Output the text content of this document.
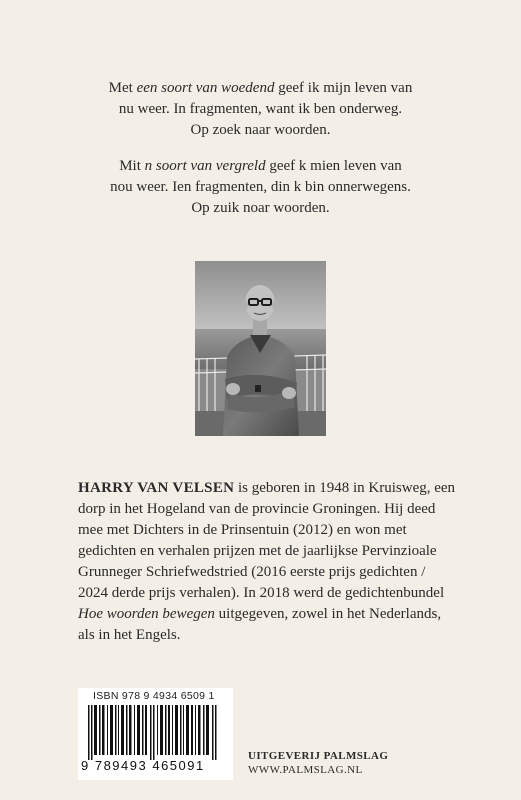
Met een soort van woedend geef ik mijn leven van

nu weer. In fragmenten, want ik ben onderweg.

Op zoek naar woorden.

Mit n soort van vergreld geef k mien leven van

nou weer. Ien fragmenten, din k bin onnerwegens.

Op zuik noar woorden.

HARRY VAN VELSEN is geboren in 1948 in Kruisweg, een dorp in het Hogeland van de provincie Groningen. Hij deed mee met Dichters in de Prinsentuin (2012) en won met gedichten en verhalen prijzen met de jaarlijkse Pervinzioale Grunneger Schriefwedstried (2016 eerste prijs gedichten / 2024 derde prijs verhalen). In 2018 werd de gedichtenbundel Hoe woorden bewegen uitgegeven, zowel in het Nederlands, als in het Engels.

ISBN 978 9 4934 6509 1
9 789493 465091
UITGEVERIJ PALMSLAG
WWW.PALMSLAG.NL
